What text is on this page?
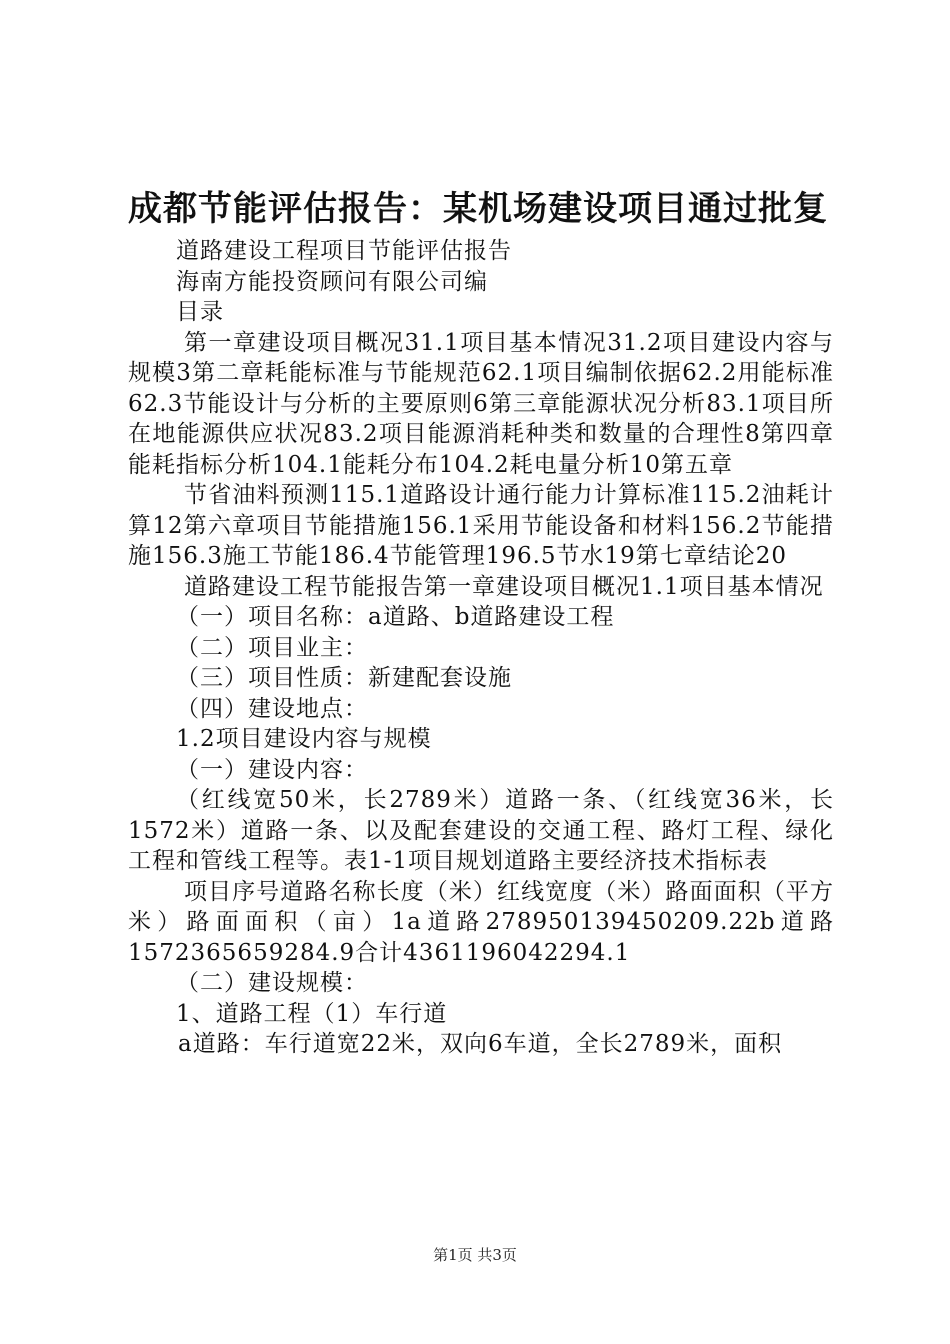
成都节能评估报告：某机场建设项目通过批复

道路建设工程项目节能评估报告

海南方能投资顾问有限公司编

目录

第一章建设项目概况31.1项目基本情况31.2项目建设内容与规模3第二章耗能标准与节能规范62.1项目编制依据62.2用能标准62.3节能设计与分析的主要原则6第三章能源状况分析83.1项目所在地能源供应状况83.2项目能源消耗种类和数量的合理性8第四章能耗指标分析104.1能耗分布104.2耗电量分析10第五章

节省油料预测115.1道路设计通行能力计算标准115.2油耗计算12第六章项目节能措施156.1采用节能设备和材料156.2节能措施156.3施工节能186.4节能管理196.5节水19第七章结论20

道路建设工程节能报告第一章建设项目概况1.1项目基本情况

（一）项目名称：a道路、b道路建设工程

（二）项目业主：

（三）项目性质：新建配套设施

（四）建设地点：

1.2项目建设内容与规模

（一）建设内容：

（红线宽50米，长2789米）道路一条、（红线宽36米，长1572米）道路一条、以及配套建设的交通工程、路灯工程、绿化工程和管线工程等。表1-1项目规划道路主要经济技术指标表

项目序号道路名称长度（米）红线宽度（米）路面面积（平方米）路面面积（亩）1a道路278950139450209.22b道路1572365659284.9合计4361196042294.1

（二）建设规模：

1、道路工程（1）车行道

a道路：车行道宽22米，双向6车道，全长2789米，面积

第1页 共3页
